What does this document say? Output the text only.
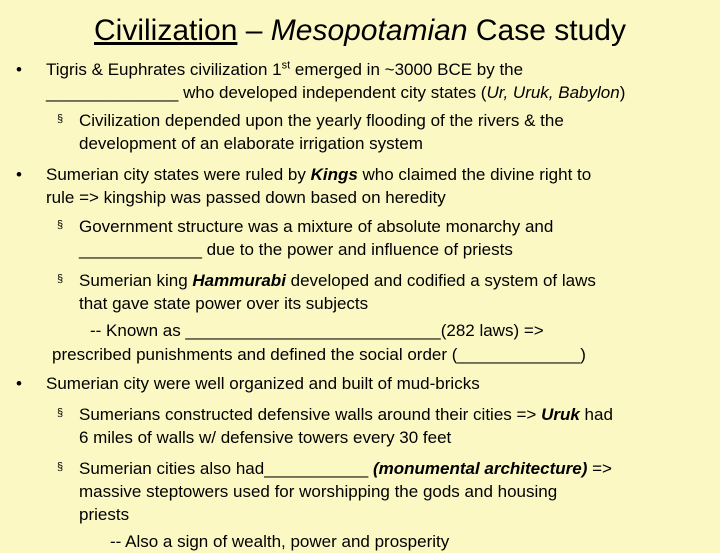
Civilization – Mesopotamian Case study
• Tigris & Euphrates civilization 1st emerged in ~3000 BCE by the
______________ who developed independent city states (Ur, Uruk, Babylon)
§ Civilization depended upon the yearly flooding of the rivers & the
development of an elaborate irrigation system
• Sumerian city states were ruled by Kings who claimed the divine right to
rule => kingship was passed down based on heredity
§ Government structure was a mixture of absolute monarchy and
_____________ due to the power and influence of priests
§ Sumerian king Hammurabi developed and codified a system of laws
that gave state power over its subjects
-- Known as ___________________________(282 laws) =>
prescribed punishments and defined the social order (_____________)
• Sumerian city were well organized and built of mud-bricks
§ Sumerians constructed defensive walls around their cities => Uruk had
6 miles of walls w/ defensive towers every 30 feet
§ Sumerian cities also had___________ (monumental architecture) =>
massive steptowers used for worshipping the gods and housing
priests
-- Also a sign of wealth, power and prosperity
